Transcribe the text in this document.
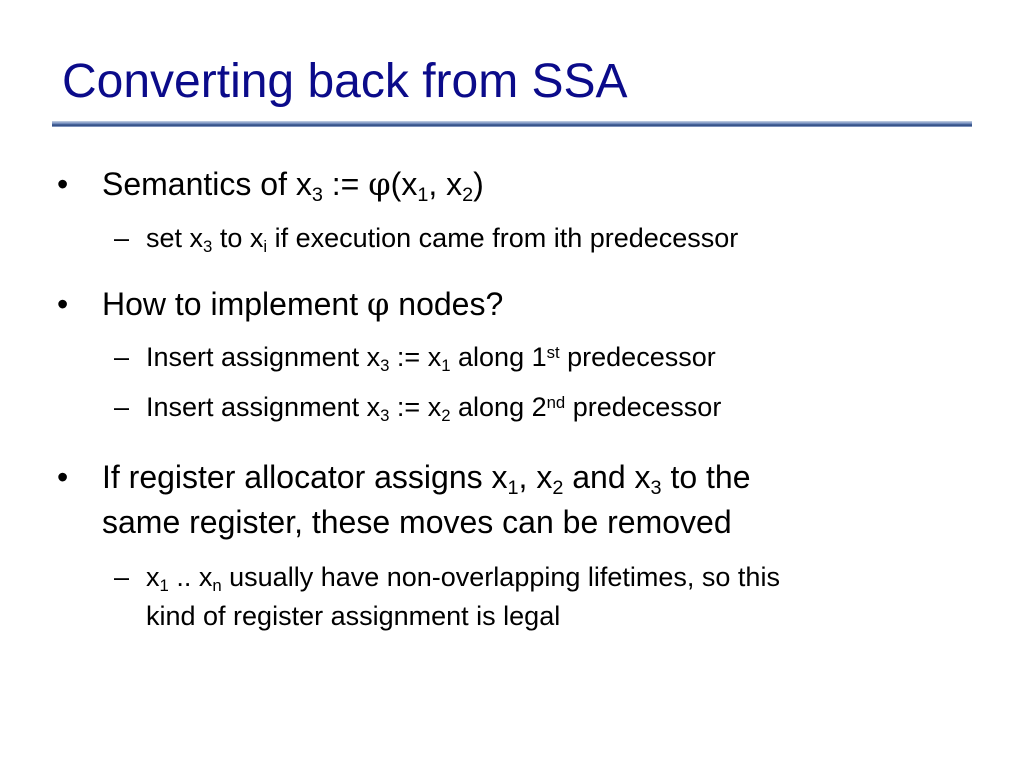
Converting back from SSA
• Semantics of $x_3$ := $\varphi(x_1$, $x_2$)
– set $x_3$ to $x_i$ if execution came from ith predecessor
• How to implement φ nodes?
– Insert assignment $x_3$ := $x_1$ along 1st predecessor
– Insert assignment $x_3$ := $x_2$ along 2nd predecessor
• If register allocator assigns $x_1$, $x_2$ and $x_3$ to the
same register, these moves can be removed
– $x_1$ .. $x_n$ usually have non-overlapping lifetimes, so this
kind of register assignment is legal
